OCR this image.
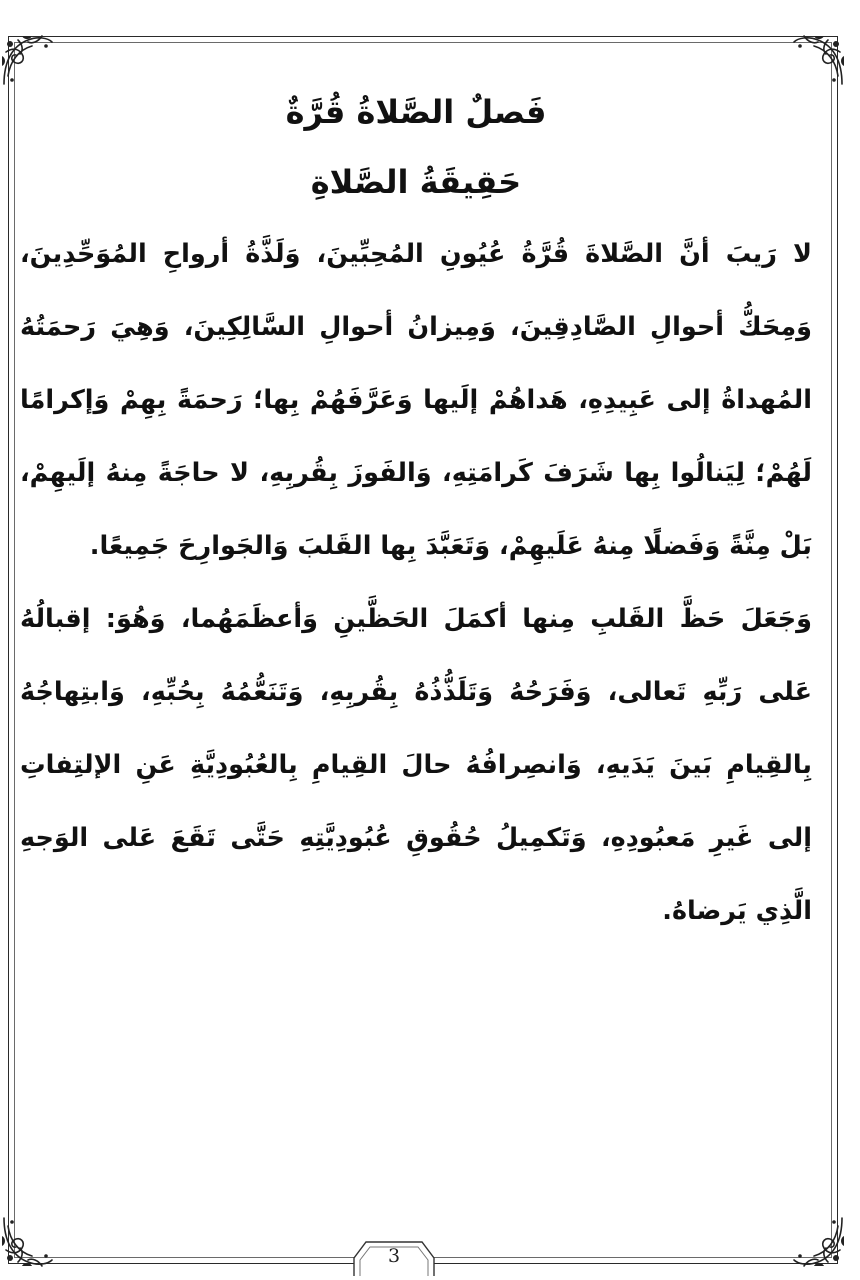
فَصلٌ الصَّلاةُ قُرَّةٌ
حَقِيقَةُ الصَّلاةِ

لا رَيبَ أنَّ الصَّلاةَ قُرَّةُ عُيُونِ المُحِبِّينَ، وَلَذَّةُ أرواحِ المُوَحِّدِينَ، وَمِحَكُّ أحوالِ الصَّادِقِينَ، وَمِيزانُ أحوالِ السَّالِكِينَ، وَهِيَ رَحمَتُهُ المُهداةُ إلى عَبِيدِهِ، هَداهُمْ إلَيها وَعَرَّفَهُمْ بِها؛ رَحمَةً بِهِمْ وَإكرامًا لَهُمْ؛ لِيَنالُوا بِها شَرَفَ كَرامَتِهِ، وَالفَوزَ بِقُربِهِ، لا حاجَةً مِنهُ إلَيهِمْ، بَلْ مِنَّةً وَفَضلًا مِنهُ عَلَيهِمْ، وَتَعَبَّدَ بِها القَلبَ وَالجَوارِحَ جَمِيعًا.

وَجَعَلَ حَظَّ القَلبِ مِنها أكمَلَ الحَظَّينِ وَأعظَمَهُما، وَهُوَ: إقبالُهُ عَلى رَبِّهِ تَعالى، وَفَرَحُهُ وَتَلَذُّذُهُ بِقُربِهِ، وَتَنَعُّمُهُ بِحُبِّهِ، وَابتِهاجُهُ بِالقِيامِ بَينَ يَدَيهِ، وَانصِرافُهُ حالَ القِيامِ بِالعُبُودِيَّةِ عَنِ الإلتِفاتِ إلى غَيرِ مَعبُودِهِ، وَتَكمِيلُ حُقُوقِ عُبُودِيَّتِهِ حَتَّى تَقَعَ عَلى الوَجهِ الَّذِي يَرضاهُ.

3
